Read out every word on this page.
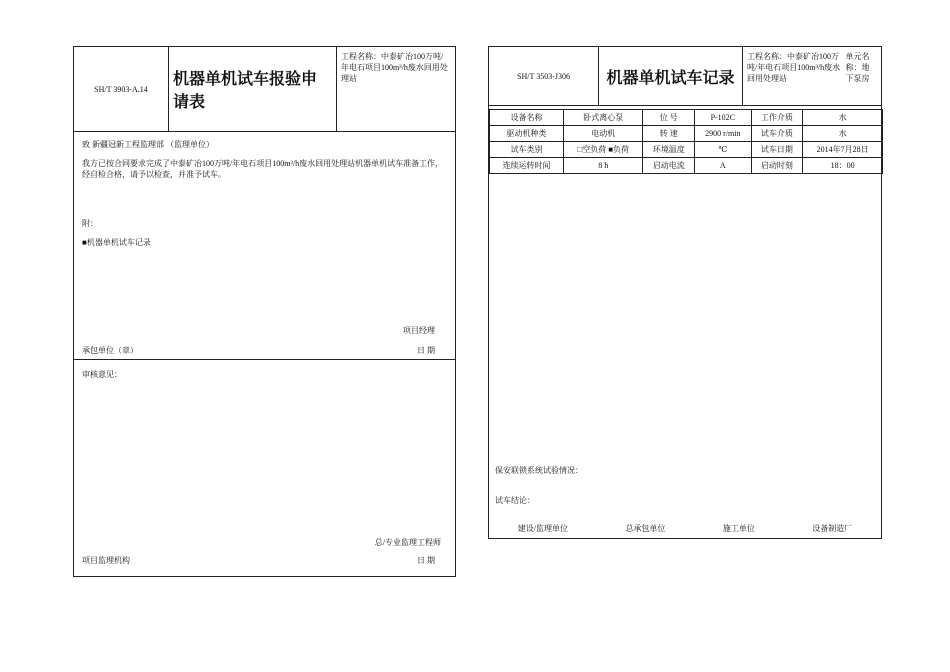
SH/T 3903-A.14
机器单机试车报验申请表
工程名称：中泰矿冶100万吨/年电石项目100m³/h废水回用处理站
致 新疆冠新工程监理部 （监理单位）
我方已按合同要求完成了中泰矿冶100万吨/年电石项目100m³/h废水回用处理站机器单机试车准备工作，经自检合格，请予以检查，并准予试车。
附：
■机器单机试车记录
项目经理
承包单位（章）	日 期
审核意见：
总/专业监理工程师
项目监理机构	日 期
SH/T 3503-J306	机器单机试车记录
工程名称：中泰矿冶100万吨/年电石项目100m³/h废水回用处理站

单元名称：地下泵房
设备名称	卧式离心泵	位 号	P-102C	工作介质	水
驱动机种类	电动机	转 速	2900 r/min	试车介质	水
试车类别	□空负荷 ■负荷	环境温度	℃	试车日期	2014年7月28日
连续运转时间	8 h	启动电流	A	启动时刻	18：00
保安联锁系统试验情况：
试车结论：
建设/监理单位	总承包单位	施工单位	设备制造厂
